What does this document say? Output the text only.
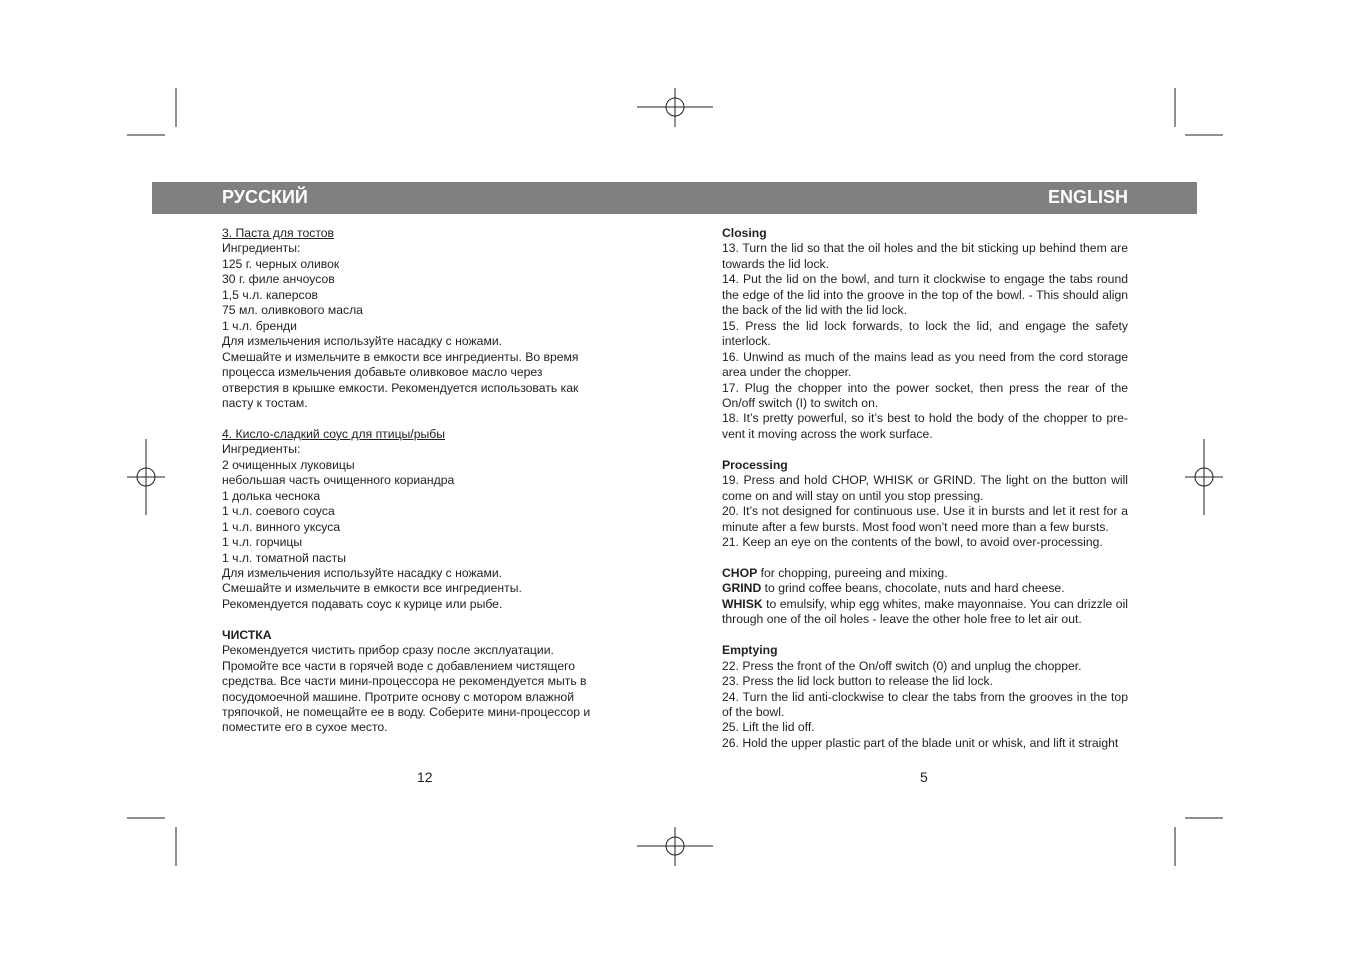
РУССКИЙ	ENGLISH

3. Паста для тостов

Ингредиенты:

125 г. черных оливок

30 г. филе анчоусов

1,5 ч.л. каперсов

75 мл. оливкового масла

1 ч.л. бренди

Для измельчения используйте насадку с ножами.

Смешайте и измельчите в емкости все ингредиенты. Во время

процесса измельчения добавьте оливковое масло через

отверстия в крышке емкости. Рекомендуется использовать как

пасту к тостам.

4. Кисло-сладкий соус для птицы/рыбы

Ингредиенты:

2 очищенных луковицы

небольшая часть очищенного кориандра

1 долька чеснока

1 ч.л. соевого соуса

1 ч.л. винного уксуса

1 ч.л. горчицы

1 ч.л. томатной пасты

Для измельчения используйте насадку с ножами.

Смешайте и измельчите в емкости все ингредиенты.

Рекомендуется подавать соус к курице или рыбе.

ЧИСТКА

Рекомендуется чистить прибор сразу после эксплуатации.

Промойте все части в горячей воде с добавлением чистящего

средства. Все части мини-процессора не рекомендуется мыть в

посудомоечной машине. Протрите основу с мотором влажной

тряпочкой, не помещайте ее в воду. Соберите мини-процессор и

поместите его в сухое место.

Closing

13. Turn the lid so that the oil holes and the bit sticking up behind them are towards the lid lock.

14. Put the lid on the bowl, and turn it clockwise to engage the tabs round the edge of the lid into the groove in the top of the bowl. - This should align the back of the lid with the lid lock.

15. Press the lid lock forwards, to lock the lid, and engage the safety interlock.

16. Unwind as much of the mains lead as you need from the cord storage area under the chopper.

17. Plug the chopper into the power socket, then press the rear of the On/off switch (I) to switch on.

18. It’s pretty powerful, so it’s best to hold the body of the chopper to pre-vent it moving across the work surface.

Processing

19. Press and hold CHOP, WHISK or GRIND. The light on the button will come on and will stay on until you stop pressing.

20. It’s not designed for continuous use. Use it in bursts and let it rest for a minute after a few bursts. Most food won’t need more than a few bursts.

21. Keep an eye on the contents of the bowl, to avoid over-processing.

CHOP for chopping, pureeing and mixing.

GRIND to grind coffee beans, chocolate, nuts and hard cheese.

WHISK to emulsify, whip egg whites, make mayonnaise. You can drizzle oil through one of the oil holes - leave the other hole free to let air out.

Emptying

22. Press the front of the On/off switch (0) and unplug the chopper.

23. Press the lid lock button to release the lid lock.

24. Turn the lid anti-clockwise to clear the tabs from the grooves in the top of the bowl.

25. Lift the lid off.

26. Hold the upper plastic part of the blade unit or whisk, and lift it straight

12	5
